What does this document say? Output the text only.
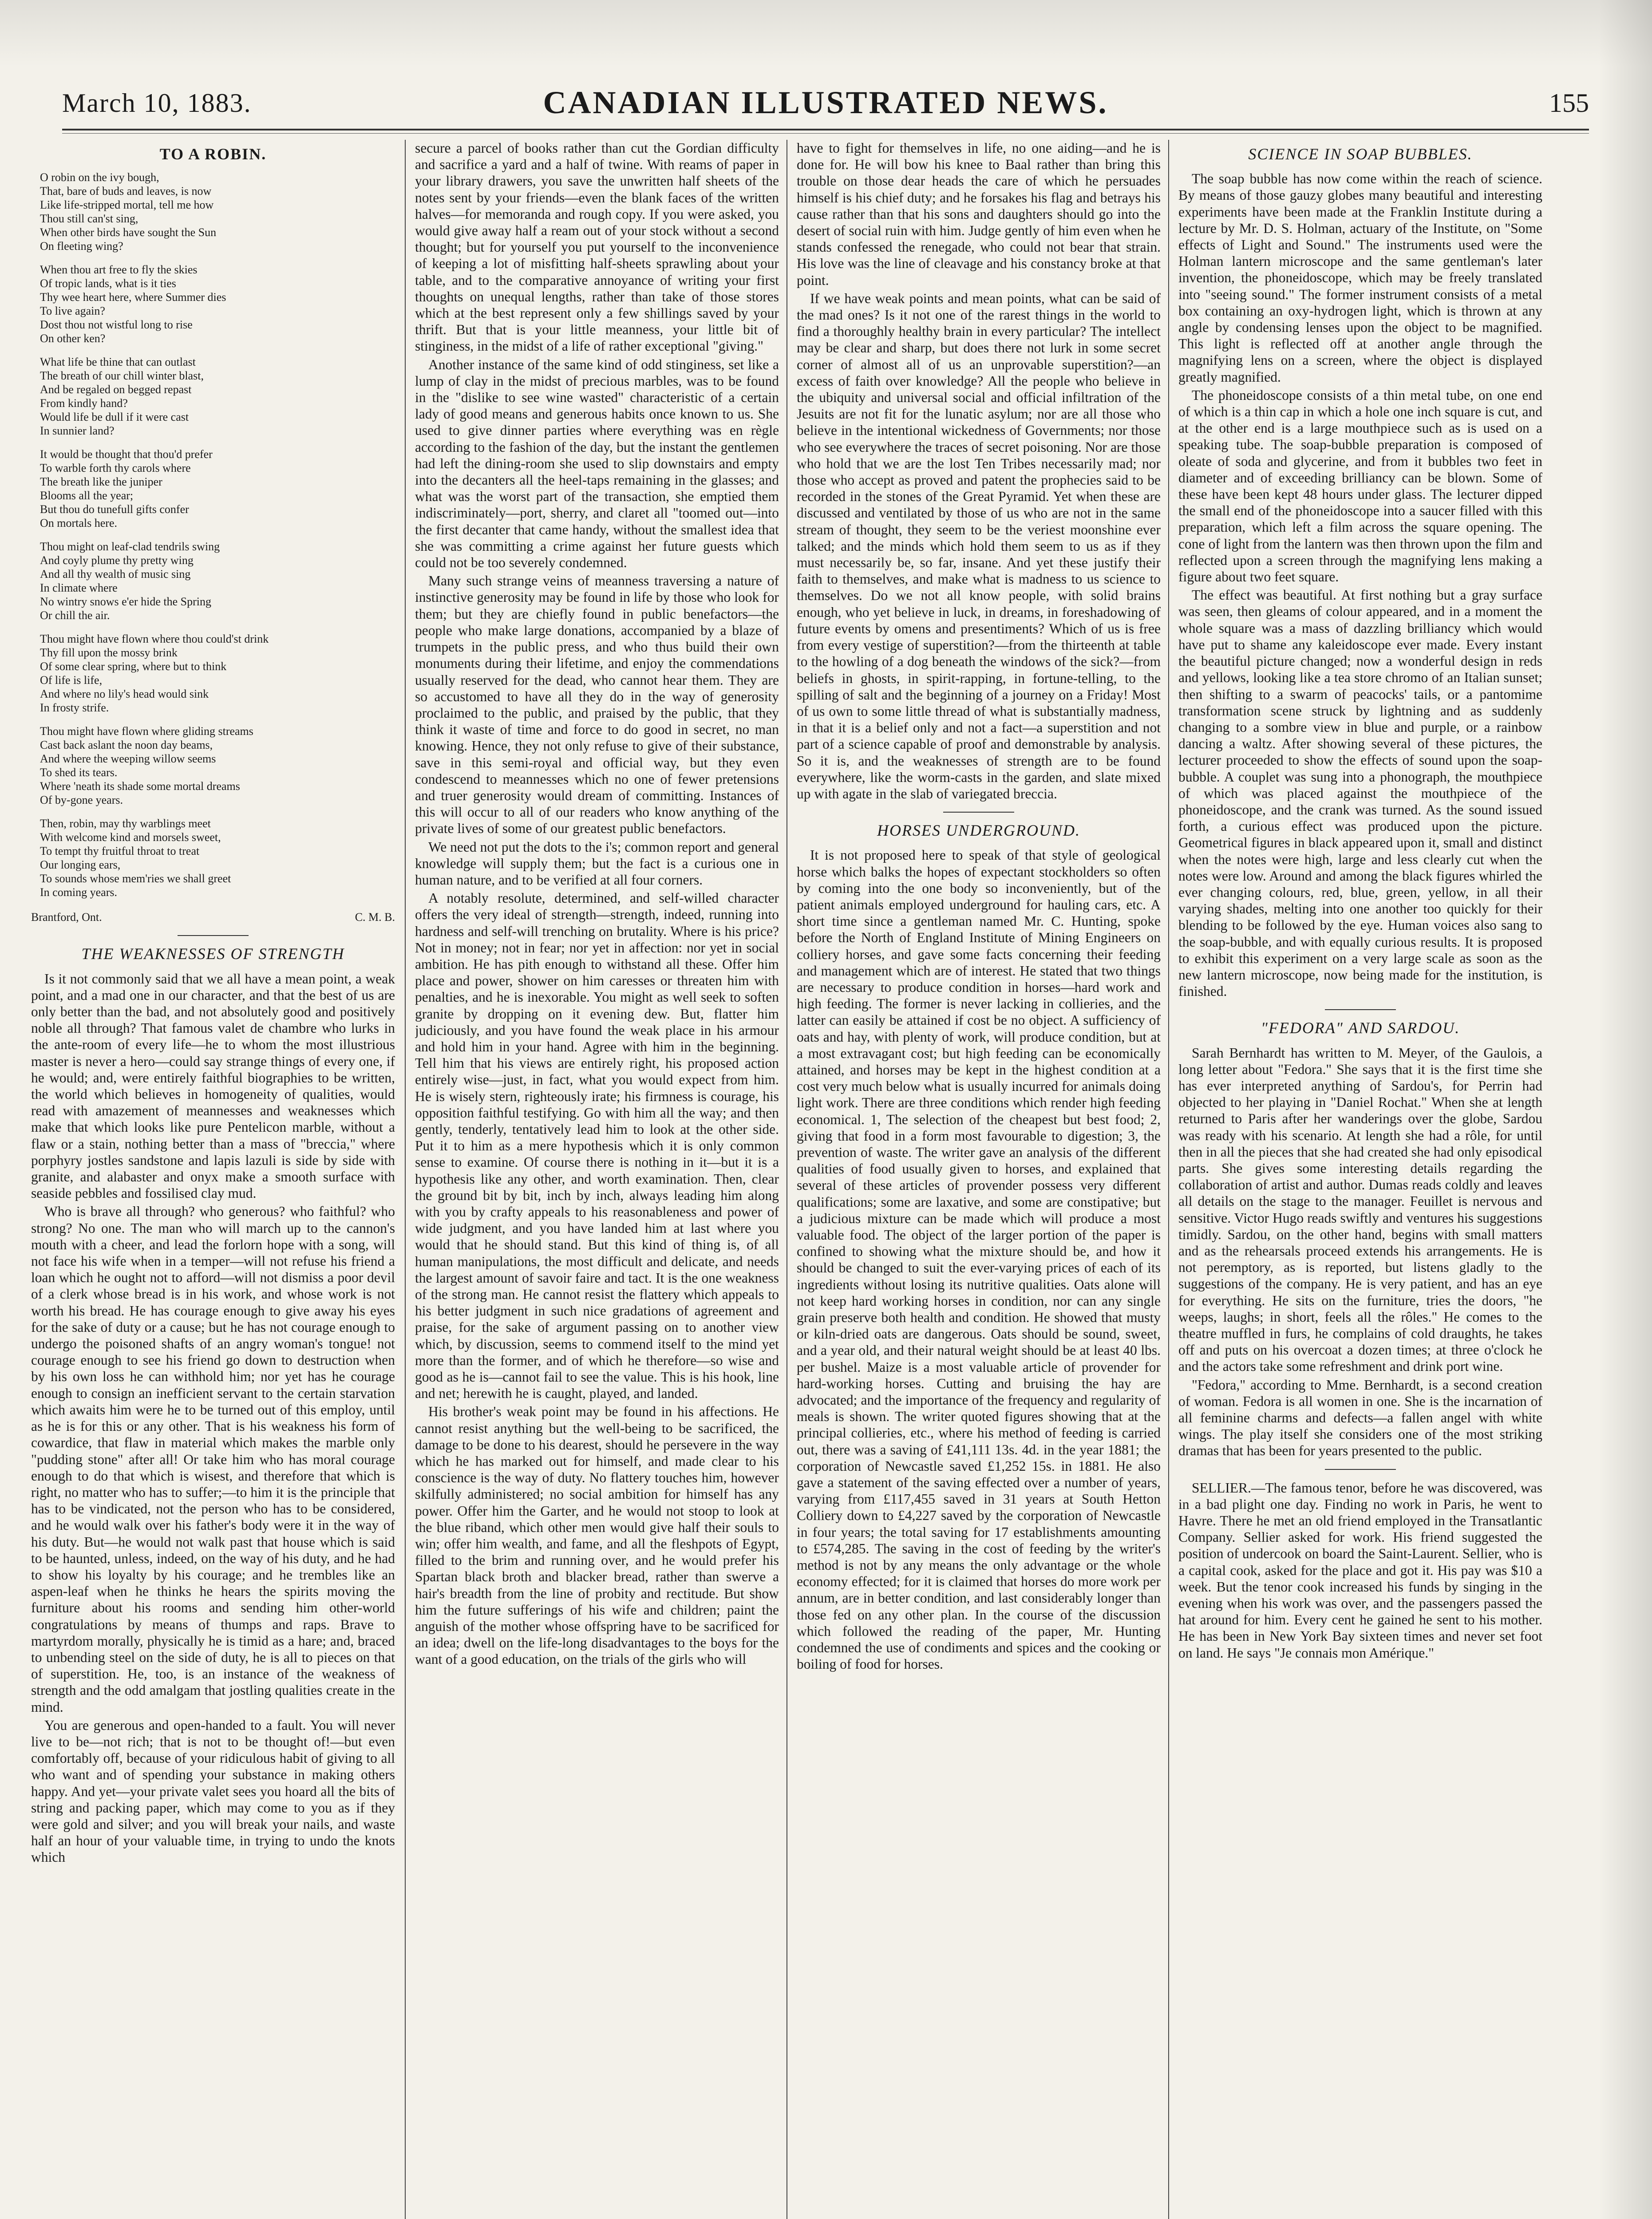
March 10, 1883.	CANADIAN ILLUSTRATED NEWS.	155
TO A ROBIN.
O robin on the ivy bough,
That, bare of buds and leaves, is now
Like life-stripped mortal, tell me how
Thou still can'st sing,
When other birds have sought the Sun
On fleeting wing?
When thou art free to fly the skies
Of tropic lands, what is it ties
Thy wee heart here, where Summer dies
To live again?
Dost thou not wistful long to rise
On other ken?
What life be thine that can outlast
The breath of our chill winter blast,
And be regaled on begged repast
From kindly hand?
Would life be dull if it were cast
In sunnier land?
It would be thought that thou'd prefer
To warble forth thy carols where
The breath like the juniper
Blooms all the year;
But thou do tunefull gifts confer
On mortals here.
Thou might on leaf-clad tendrils swing
And coyly plume thy pretty wing
And all thy wealth of music sing
In climate where
No wintry snows e'er hide the Spring
Or chill the air.
Thou might have flown where thou could'st drink
Thy fill upon the mossy brink
Of some clear spring, where but to think
Of life is life,
And where no lily's head would sink
In frosty strife.
Thou might have flown where gliding streams
Cast back aslant the noon day beams,
And where the weeping willow seems
To shed its tears.
Where 'neath its shade some mortal dreams
Of by-gone years.
Then, robin, may thy warblings meet
With welcome kind and morsels sweet,
To tempt thy fruitful throat to treat
Our longing ears,
To sounds whose mem'ries we shall greet
In coming years.
Brantford, Ont.	C. M. B.
THE WEAKNESSES OF STRENGTH

Is it not commonly said that we all have a mean point, a weak point, and a mad one in our character, and that the best of us are only better than the bad, and not absolutely good and positively noble all through? That famous valet de chambre who lurks in the ante-room of every life—he to whom the most illustrious master is never a hero—could say strange things of every one, if he would; and, were entirely faithful biographies to be written, the world which believes in homogeneity of qualities, would read with amazement of meannesses and weaknesses which make that which looks like pure Pentelicon marble, without a flaw or a stain, nothing better than a mass of "breccia," where porphyry jostles sandstone and lapis lazuli is side by side with granite, and alabaster and onyx make a smooth surface with seaside pebbles and fossilised clay mud.

Who is brave all through? who generous? who faithful? who strong? No one. The man who will march up to the cannon's mouth with a cheer, and lead the forlorn hope with a song, will not face his wife when in a temper—will not refuse his friend a loan which he ought not to afford—will not dismiss a poor devil of a clerk whose bread is in his work, and whose work is not worth his bread. He has courage enough to give away his eyes for the sake of duty or a cause; but he has not courage enough to undergo the poisoned shafts of an angry woman's tongue! not courage enough to see his friend go down to destruction when by his own loss he can withhold him; nor yet has he courage enough to consign an inefficient servant to the certain starvation which awaits him were he to be turned out of this employ, until as he is for this or any other. That is his weakness his form of cowardice, that flaw in material which makes the marble only "pudding stone" after all! Or take him who has moral courage enough to do that which is wisest, and therefore that which is right, no matter who has to suffer;—to him it is the principle that has to be vindicated, not the person who has to be considered, and he would walk over his father's body were it in the way of his duty. But—he would not walk past that house which is said to be haunted, unless, indeed, on the way of his duty, and he had to show his loyalty by his courage; and he trembles like an aspen-leaf when he thinks he hears the spirits moving the furniture about his rooms and sending him other-world congratulations by means of thumps and raps. Brave to martyrdom morally, physically he is timid as a hare; and, braced to unbending steel on the side of duty, he is all to pieces on that of superstition. He, too, is an instance of the weakness of strength and the odd amalgam that jostling qualities create in the mind.

You are generous and open-handed to a fault. You will never live to be—not rich; that is not to be thought of!—but even comfortably off, because of your ridiculous habit of giving to all who want and of spending your substance in making others happy. And yet—your private valet sees you hoard all the bits of string and packing paper, which may come to you as if they were gold and silver; and you will break your nails, and waste half an hour of your valuable time, in trying to undo the knots which

secure a parcel of books rather than cut the Gordian difficulty and sacrifice a yard and a half of twine. With reams of paper in your library drawers, you save the unwritten half sheets of the notes sent by your friends—even the blank faces of the written halves—for memoranda and rough copy. If you were asked, you would give away half a ream out of your stock without a second thought; but for yourself you put yourself to the inconvenience of keeping a lot of misfitting half-sheets sprawling about your table, and to the comparative annoyance of writing your first thoughts on unequal lengths, rather than take of those stores which at the best represent only a few shillings saved by your thrift. But that is your little meanness, your little bit of stinginess, in the midst of a life of rather exceptional "giving."

Another instance of the same kind of odd stinginess, set like a lump of clay in the midst of precious marbles, was to be found in the "dislike to see wine wasted" characteristic of a certain lady of good means and generous habits once known to us. She used to give dinner parties where everything was en règle according to the fashion of the day, but the instant the gentlemen had left the dining-room she used to slip downstairs and empty into the decanters all the heel-taps remaining in the glasses; and what was the worst part of the transaction, she emptied them indiscriminately—port, sherry, and claret all "toomed out—into the first decanter that came handy, without the smallest idea that she was committing a crime against her future guests which could not be too severely condemned.

Many such strange veins of meanness traversing a nature of instinctive generosity may be found in life by those who look for them; but they are chiefly found in public benefactors—the people who make large donations, accompanied by a blaze of trumpets in the public press, and who thus build their own monuments during their lifetime, and enjoy the commendations usually reserved for the dead, who cannot hear them. They are so accustomed to have all they do in the way of generosity proclaimed to the public, and praised by the public, that they think it waste of time and force to do good in secret, no man knowing. Hence, they not only refuse to give of their substance, save in this semi-royal and official way, but they even condescend to meannesses which no one of fewer pretensions and truer generosity would dream of committing. Instances of this will occur to all of our readers who know anything of the private lives of some of our greatest public benefactors.

We need not put the dots to the i's; common report and general knowledge will supply them; but the fact is a curious one in human nature, and to be verified at all four corners.

A notably resolute, determined, and self-willed character offers the very ideal of strength—strength, indeed, running into hardness and self-will trenching on brutality. Where is his price? Not in money; not in fear; nor yet in affection: nor yet in social ambition. He has pith enough to withstand all these. Offer him place and power, shower on him caresses or threaten him with penalties, and he is inexorable. You might as well seek to soften granite by dropping on it evening dew. But, flatter him judiciously, and you have found the weak place in his armour and hold him in your hand. Agree with him in the beginning. Tell him that his views are entirely right, his proposed action entirely wise—just, in fact, what you would expect from him. He is wisely stern, righteously irate; his firmness is courage, his opposition faithful testifying. Go with him all the way; and then gently, tenderly, tentatively lead him to look at the other side. Put it to him as a mere hypothesis which it is only common sense to examine. Of course there is nothing in it—but it is a hypothesis like any other, and worth examination. Then, clear the ground bit by bit, inch by inch, always leading him along with you by crafty appeals to his reasonableness and power of wide judgment, and you have landed him at last where you would that he should stand. But this kind of thing is, of all human manipulations, the most difficult and delicate, and needs the largest amount of savoir faire and tact. It is the one weakness of the strong man. He cannot resist the flattery which appeals to his better judgment in such nice gradations of agreement and praise, for the sake of argument passing on to another view which, by discussion, seems to commend itself to the mind yet more than the former, and of which he therefore—so wise and good as he is—cannot fail to see the value. This is his hook, line and net; herewith he is caught, played, and landed.

His brother's weak point may be found in his affections. He cannot resist anything but the well-being to be sacrificed, the damage to be done to his dearest, should he persevere in the way which he has marked out for himself, and made clear to his conscience is the way of duty. No flattery touches him, however skilfully administered; no social ambition for himself has any power. Offer him the Garter, and he would not stoop to look at the blue riband, which other men would give half their souls to win; offer him wealth, and fame, and all the fleshpots of Egypt, filled to the brim and running over, and he would prefer his Spartan black broth and blacker bread, rather than swerve a hair's breadth from the line of probity and rectitude. But show him the future sufferings of his wife and children; paint the anguish of the mother whose offspring have to be sacrificed for an idea; dwell on the life-long disadvantages to the boys for the want of a good education, on the trials of the girls who will

have to fight for themselves in life, no one aiding—and he is done for. He will bow his knee to Baal rather than bring this trouble on those dear heads the care of which he persuades himself is his chief duty; and he forsakes his flag and betrays his cause rather than that his sons and daughters should go into the desert of social ruin with him. Judge gently of him even when he stands confessed the renegade, who could not bear that strain. His love was the line of cleavage and his constancy broke at that point.

If we have weak points and mean points, what can be said of the mad ones? Is it not one of the rarest things in the world to find a thoroughly healthy brain in every particular? The intellect may be clear and sharp, but does there not lurk in some secret corner of almost all of us an unprovable superstition?—an excess of faith over knowledge? All the people who believe in the ubiquity and universal social and official infiltration of the Jesuits are not fit for the lunatic asylum; nor are all those who believe in the intentional wickedness of Governments; nor those who see everywhere the traces of secret poisoning. Nor are those who hold that we are the lost Ten Tribes necessarily mad; nor those who accept as proved and patent the prophecies said to be recorded in the stones of the Great Pyramid. Yet when these are discussed and ventilated by those of us who are not in the same stream of thought, they seem to be the veriest moonshine ever talked; and the minds which hold them seem to us as if they must necessarily be, so far, insane. And yet these justify their faith to themselves, and make what is madness to us science to themselves. Do we not all know people, with solid brains enough, who yet believe in luck, in dreams, in foreshadowing of future events by omens and presentiments? Which of us is free from every vestige of superstition?—from the thirteenth at table to the howling of a dog beneath the windows of the sick?—from beliefs in ghosts, in spirit-rapping, in fortune-telling, to the spilling of salt and the beginning of a journey on a Friday! Most of us own to some little thread of what is substantially madness, in that it is a belief only and not a fact—a superstition and not part of a science capable of proof and demonstrable by analysis. So it is, and the weaknesses of strength are to be found everywhere, like the worm-casts in the garden, and slate mixed up with agate in the slab of variegated breccia.

HORSES UNDERGROUND.

It is not proposed here to speak of that style of geological horse which balks the hopes of expectant stockholders so often by coming into the one body so inconveniently, but of the patient animals employed underground for hauling cars, etc. A short time since a gentleman named Mr. C. Hunting, spoke before the North of England Institute of Mining Engineers on colliery horses, and gave some facts concerning their feeding and management which are of interest. He stated that two things are necessary to produce condition in horses—hard work and high feeding. The former is never lacking in collieries, and the latter can easily be attained if cost be no object. A sufficiency of oats and hay, with plenty of work, will produce condition, but at a most extravagant cost; but high feeding can be economically attained, and horses may be kept in the highest condition at a cost very much below what is usually incurred for animals doing light work. There are three conditions which render high feeding economical. 1, The selection of the cheapest but best food; 2, giving that food in a form most favourable to digestion; 3, the prevention of waste. The writer gave an analysis of the different qualities of food usually given to horses, and explained that several of these articles of provender possess very different qualifications; some are laxative, and some are constipative; but a judicious mixture can be made which will produce a most valuable food. The object of the larger portion of the paper is confined to showing what the mixture should be, and how it should be changed to suit the ever-varying prices of each of its ingredients without losing its nutritive qualities. Oats alone will not keep hard working horses in condition, nor can any single grain preserve both health and condition. He showed that musty or kiln-dried oats are dangerous. Oats should be sound, sweet, and a year old, and their natural weight should be at least 40 lbs. per bushel. Maize is a most valuable article of provender for hard-working horses. Cutting and bruising the hay are advocated; and the importance of the frequency and regularity of meals is shown. The writer quoted figures showing that at the principal collieries, etc., where his method of feeding is carried out, there was a saving of £41,111 13s. 4d. in the year 1881; the corporation of Newcastle saved £1,252 15s. in 1881. He also gave a statement of the saving effected over a number of years, varying from £117,455 saved in 31 years at South Hetton Colliery down to £4,227 saved by the corporation of Newcastle in four years; the total saving for 17 establishments amounting to £574,285. The saving in the cost of feeding by the writer's method is not by any means the only advantage or the whole economy effected; for it is claimed that horses do more work per annum, are in better condition, and last considerably longer than those fed on any other plan. In the course of the discussion which followed the reading of the paper, Mr. Hunting condemned the use of condiments and spices and the cooking or boiling of food for horses.

SCIENCE IN SOAP BUBBLES.

The soap bubble has now come within the reach of science. By means of those gauzy globes many beautiful and interesting experiments have been made at the Franklin Institute during a lecture by Mr. D. S. Holman, actuary of the Institute, on "Some effects of Light and Sound." The instruments used were the Holman lantern microscope and the same gentleman's later invention, the phoneidoscope, which may be freely translated into "seeing sound." The former instrument consists of a metal box containing an oxy-hydrogen light, which is thrown at any angle by condensing lenses upon the object to be magnified. This light is reflected off at another angle through the magnifying lens on a screen, where the object is displayed greatly magnified.

The phoneidoscope consists of a thin metal tube, on one end of which is a thin cap in which a hole one inch square is cut, and at the other end is a large mouthpiece such as is used on a speaking tube. The soap-bubble preparation is composed of oleate of soda and glycerine, and from it bubbles two feet in diameter and of exceeding brilliancy can be blown. Some of these have been kept 48 hours under glass. The lecturer dipped the small end of the phoneidoscope into a saucer filled with this preparation, which left a film across the square opening. The cone of light from the lantern was then thrown upon the film and reflected upon a screen through the magnifying lens making a figure about two feet square.

The effect was beautiful. At first nothing but a gray surface was seen, then gleams of colour appeared, and in a moment the whole square was a mass of dazzling brilliancy which would have put to shame any kaleidoscope ever made. Every instant the beautiful picture changed; now a wonderful design in reds and yellows, looking like a tea store chromo of an Italian sunset; then shifting to a swarm of peacocks' tails, or a pantomime transformation scene struck by lightning and as suddenly changing to a sombre view in blue and purple, or a rainbow dancing a waltz. After showing several of these pictures, the lecturer proceeded to show the effects of sound upon the soap-bubble. A couplet was sung into a phonograph, the mouthpiece of which was placed against the mouthpiece of the phoneidoscope, and the crank was turned. As the sound issued forth, a curious effect was produced upon the picture. Geometrical figures in black appeared upon it, small and distinct when the notes were high, large and less clearly cut when the notes were low. Around and among the black figures whirled the ever changing colours, red, blue, green, yellow, in all their varying shades, melting into one another too quickly for their blending to be followed by the eye. Human voices also sang to the soap-bubble, and with equally curious results. It is proposed to exhibit this experiment on a very large scale as soon as the new lantern microscope, now being made for the institution, is finished.

"FEDORA" AND SARDOU.

Sarah Bernhardt has written to M. Meyer, of the Gaulois, a long letter about "Fedora." She says that it is the first time she has ever interpreted anything of Sardou's, for Perrin had objected to her playing in "Daniel Rochat." When she at length returned to Paris after her wanderings over the globe, Sardou was ready with his scenario. At length she had a rôle, for until then in all the pieces that she had created she had only episodical parts. She gives some interesting details regarding the collaboration of artist and author. Dumas reads coldly and leaves all details on the stage to the manager. Feuillet is nervous and sensitive. Victor Hugo reads swiftly and ventures his suggestions timidly. Sardou, on the other hand, begins with small matters and as the rehearsals proceed extends his arrangements. He is not peremptory, as is reported, but listens gladly to the suggestions of the company. He is very patient, and has an eye for everything. He sits on the furniture, tries the doors, "he weeps, laughs; in short, feels all the rôles." He comes to the theatre muffled in furs, he complains of cold draughts, he takes off and puts on his overcoat a dozen times; at three o'clock he and the actors take some refreshment and drink port wine.

"Fedora," according to Mme. Bernhardt, is a second creation of woman. Fedora is all women in one. She is the incarnation of all feminine charms and defects—a fallen angel with white wings. The play itself she considers one of the most striking dramas that has been for years presented to the public.

SELLIER.—The famous tenor, before he was discovered, was in a bad plight one day. Finding no work in Paris, he went to Havre. There he met an old friend employed in the Transatlantic Company. Sellier asked for work. His friend suggested the position of undercook on board the Saint-Laurent. Sellier, who is a capital cook, asked for the place and got it. His pay was $10 a week. But the tenor cook increased his funds by singing in the evening when his work was over, and the passengers passed the hat around for him. Every cent he gained he sent to his mother. He has been in New York Bay sixteen times and never set foot on land. He says "Je connais mon Amérique."
